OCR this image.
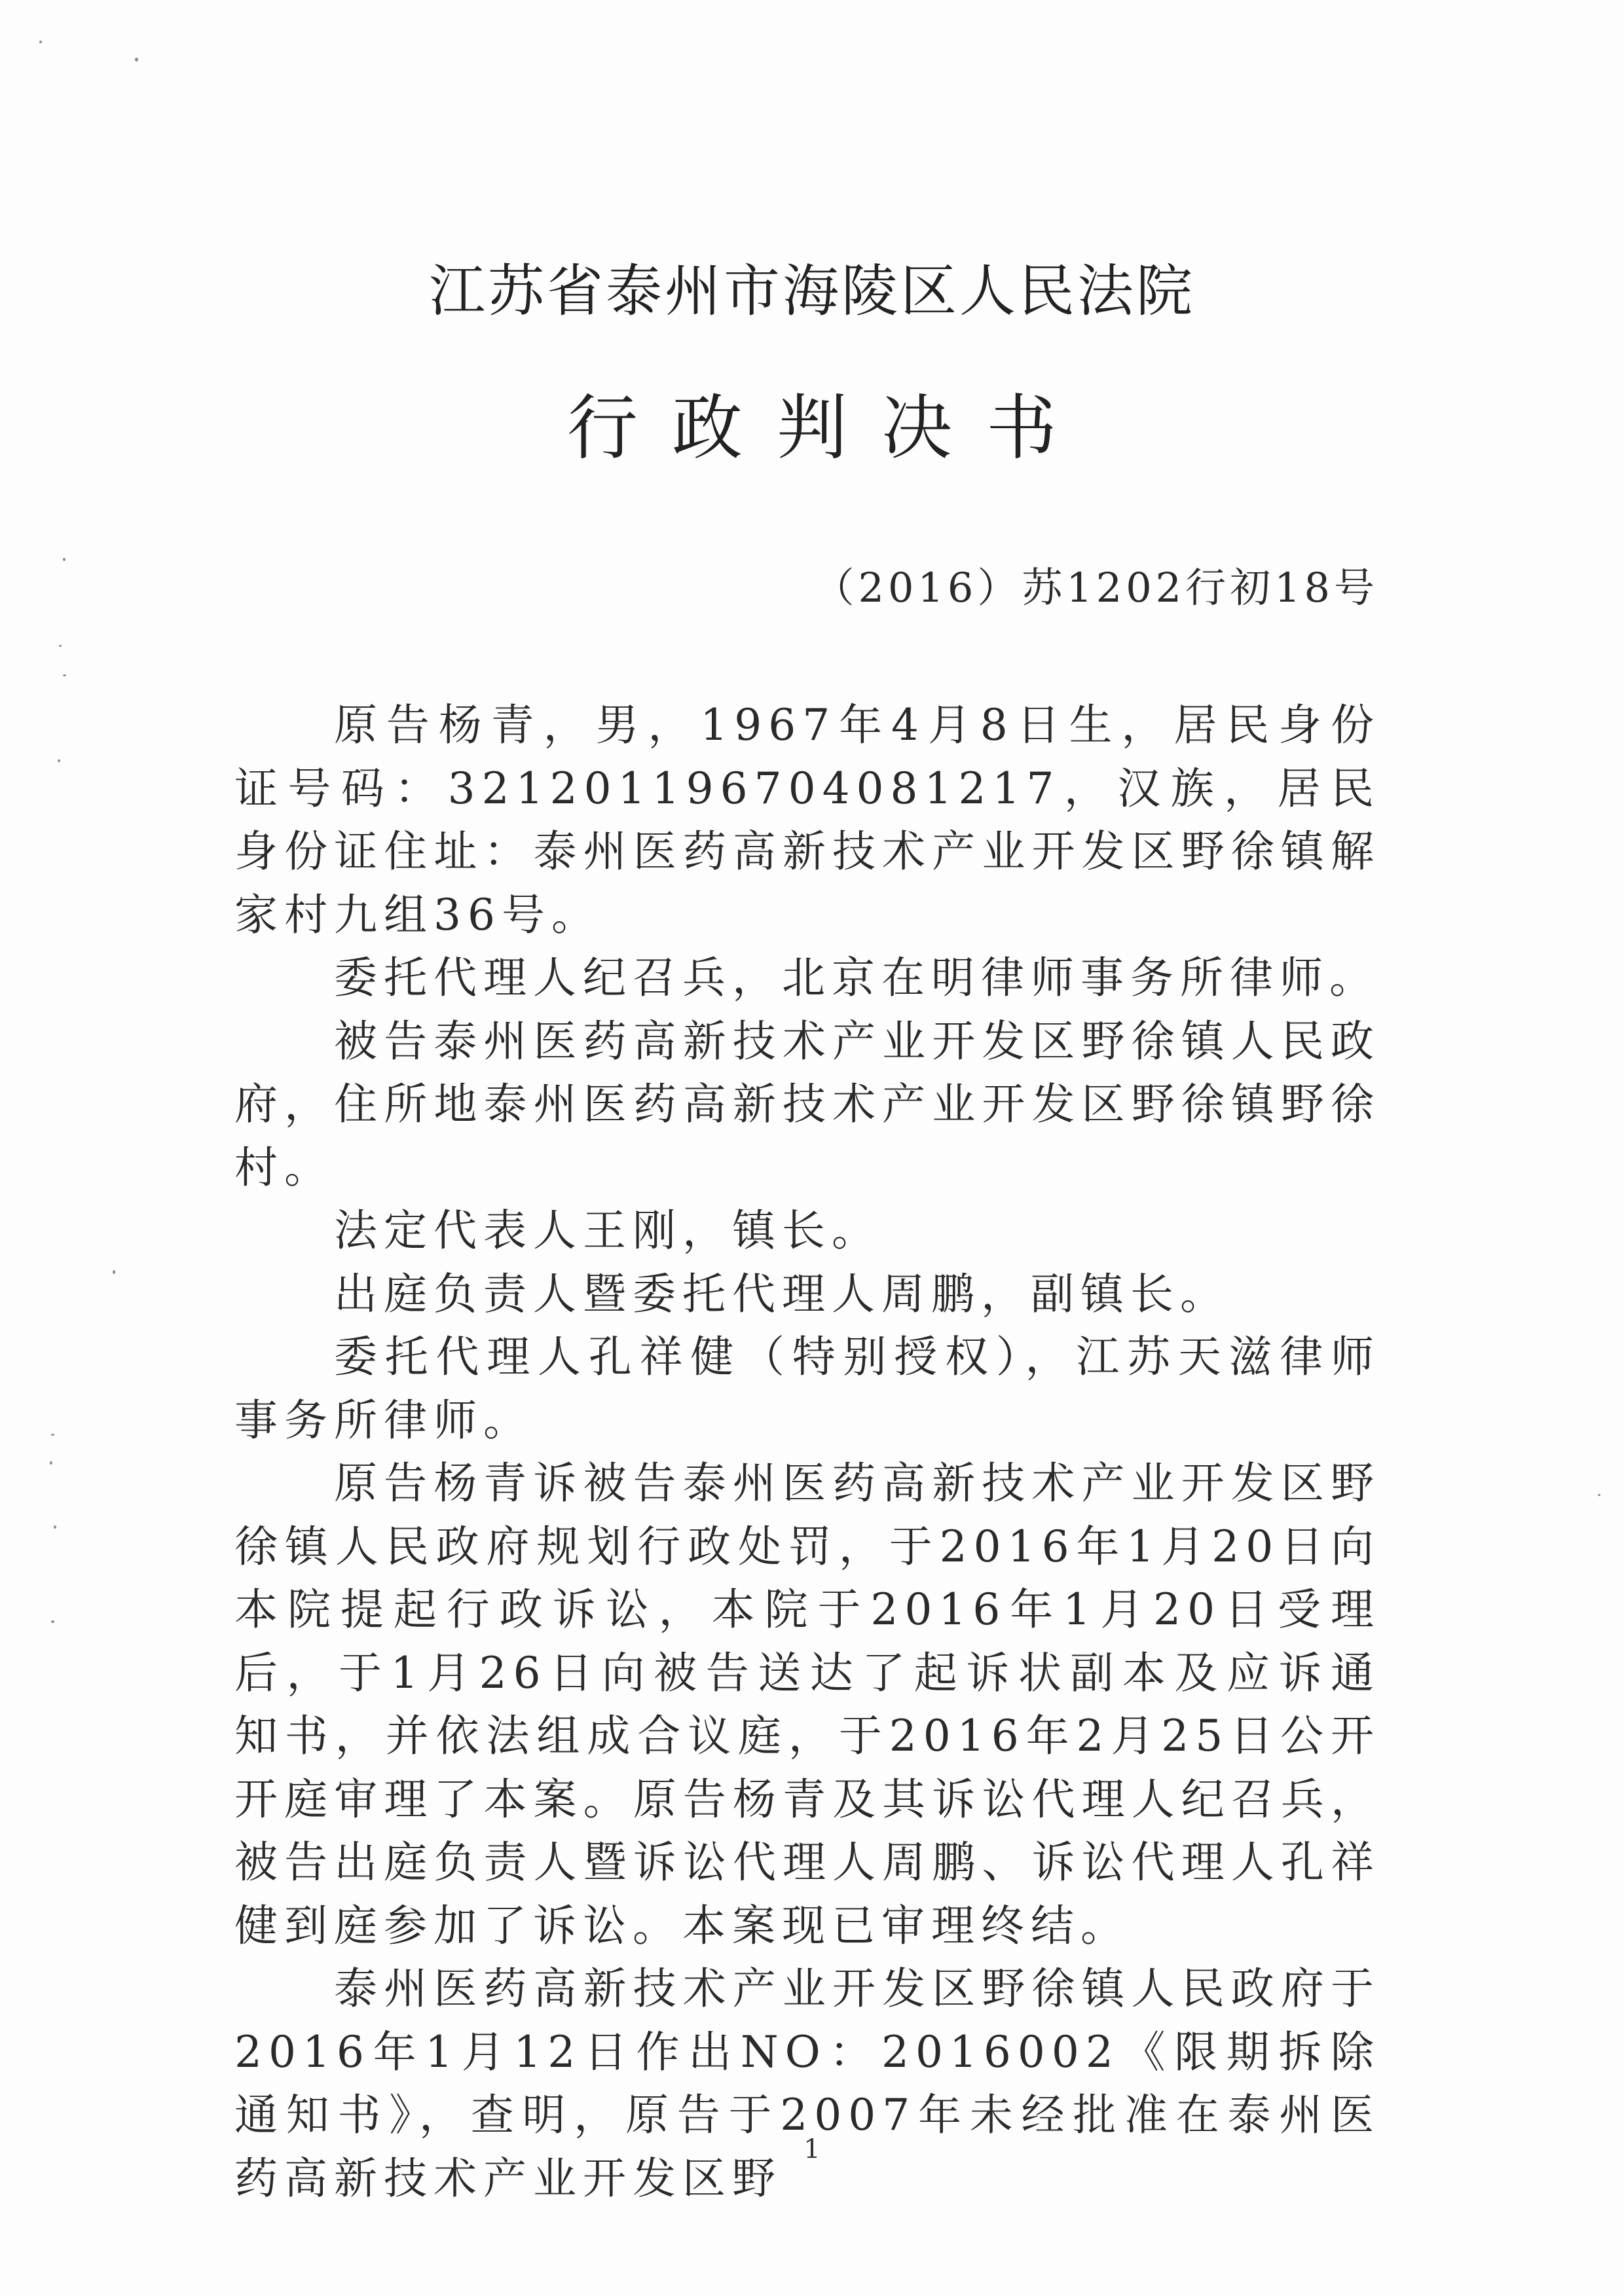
江苏省泰州市海陵区人民法院
行政判决书
（2016）苏1202行初18号

原告杨青，男，1967年4月8日生，居民身份证号码：321201196704081217，汉族，居民身份证住址：泰州医药高新技术产业开发区野徐镇解家村九组36号。

委托代理人纪召兵，北京在明律师事务所律师。

被告泰州医药高新技术产业开发区野徐镇人民政府，住所地泰州医药高新技术产业开发区野徐镇野徐村。

法定代表人王刚，镇长。

出庭负责人暨委托代理人周鹏，副镇长。

委托代理人孔祥健（特别授权），江苏天滋律师事务所律师。

原告杨青诉被告泰州医药高新技术产业开发区野徐镇人民政府规划行政处罚，于2016年1月20日向本院提起行政诉讼，本院于2016年1月20日受理后，于1月26日向被告送达了起诉状副本及应诉通知书，并依法组成合议庭，于2016年2月25日公开开庭审理了本案。原告杨青及其诉讼代理人纪召兵，被告出庭负责人暨诉讼代理人周鹏、诉讼代理人孔祥健到庭参加了诉讼。本案现已审理终结。

泰州医药高新技术产业开发区野徐镇人民政府于2016年1月12日作出NO：2016002《限期拆除通知书》，查明，原告于2007年未经批准在泰州医药高新技术产业开发区野

1
